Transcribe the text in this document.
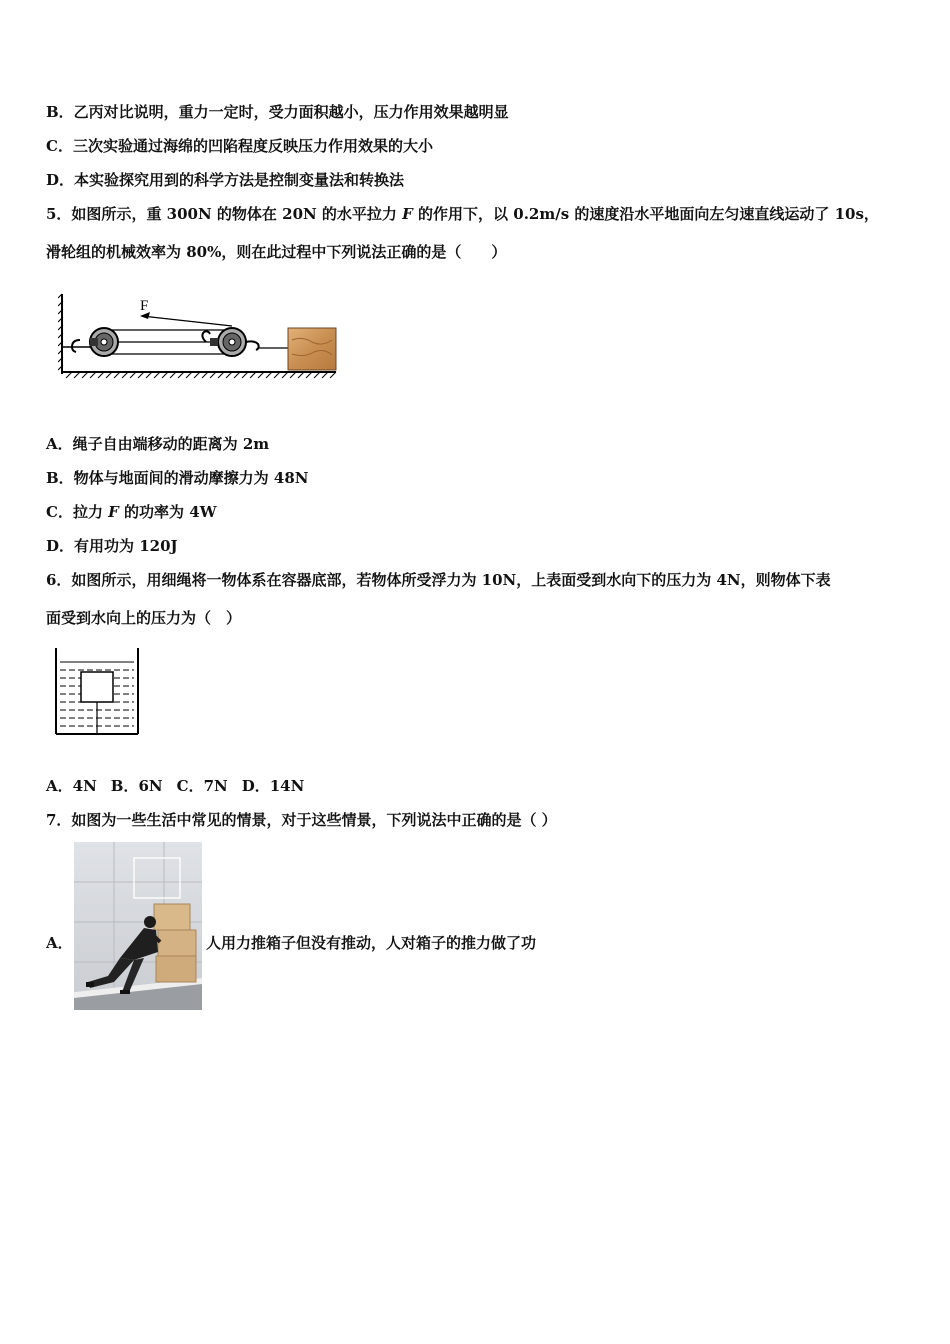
B．乙丙对比说明，重力一定时，受力面积越小，压力作用效果越明显
C．三次实验通过海绵的凹陷程度反映压力作用效果的大小
D．本实验探究用到的科学方法是控制变量法和转换法
5．如图所示，重 300N 的物体在 20N 的水平拉力 F 的作用下，以 0.2m/s 的速度沿水平地面向左匀速直线运动了 10s，
滑轮组的机械效率为 80%，则在此过程中下列说法正确的是（　　）
F
A．绳子自由端移动的距离为 2m
B．物体与地面间的滑动摩擦力为 48N
C．拉力 F 的功率为 4W
D．有用功为 120J
6．如图所示，用细绳将一物体系在容器底部，若物体所受浮力为 10N，上表面受到水向下的压力为 4N，则物体下表
面受到水向上的压力为（　）
A．4N B．6N C．7N D．14N
7．如图为一些生活中常见的情景，对于这些情景，下列说法中正确的是（ ）
A．	人用力推箱子但没有推动，人对箱子的推力做了功
